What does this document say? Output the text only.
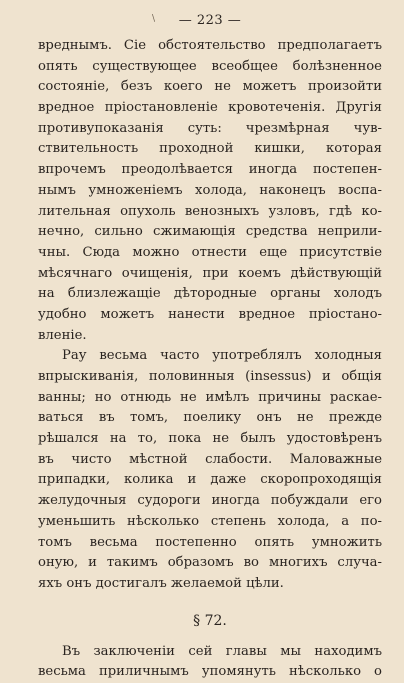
\ — 223 —
вреднымъ. Сіе обстоятельство предполагаетъ
опять существующее всеобщее болѣзненное
состояніе, безъ коего не можетъ произойти
вредное пріостановленіе кровотеченія. Другія
противупоказанія суть: чрезмѣрная чув-
ствительность проходной кишки, которая
впрочемъ преодолѣвается иногда постепен-
нымъ умноженіемъ холода, наконецъ воспа-
лительная опухоль венозныхъ узловъ, гдѣ ко-
нечно, сильно сжимающія средства неприли-
чны. Сюда можно отнести еще присутствіе
мѣсячнаго очищенія, при коемъ дѣйствующій
на близлежащіе дѣтородные органы холодъ
удобно можетъ нанести вредное пріостано-
вленіе.
Рау весьма часто употреблялъ холодныя
впрыскиванія, половинныя (insessus) и общія
ванны; но отнюдь не имѣлъ причины раскае-
ваться въ томъ, поелику онъ не прежде
рѣшался на то, пока не былъ удостовѣренъ
въ чисто мѣстной слабости. Маловажные
припадки, колика и даже скоропроходящія
желудочныя судороги иногда побуждали его
уменьшить нѣсколько степень холода, а по-
томъ весьма постепенно опять умножить
оную, и такимъ образомъ во многихъ случа-
яхъ онъ достигалъ желаемой цѣли.
§ 72.
Въ заключеніи сей главы мы находимъ
весьма приличнымъ упомянуть нѣсколько о
